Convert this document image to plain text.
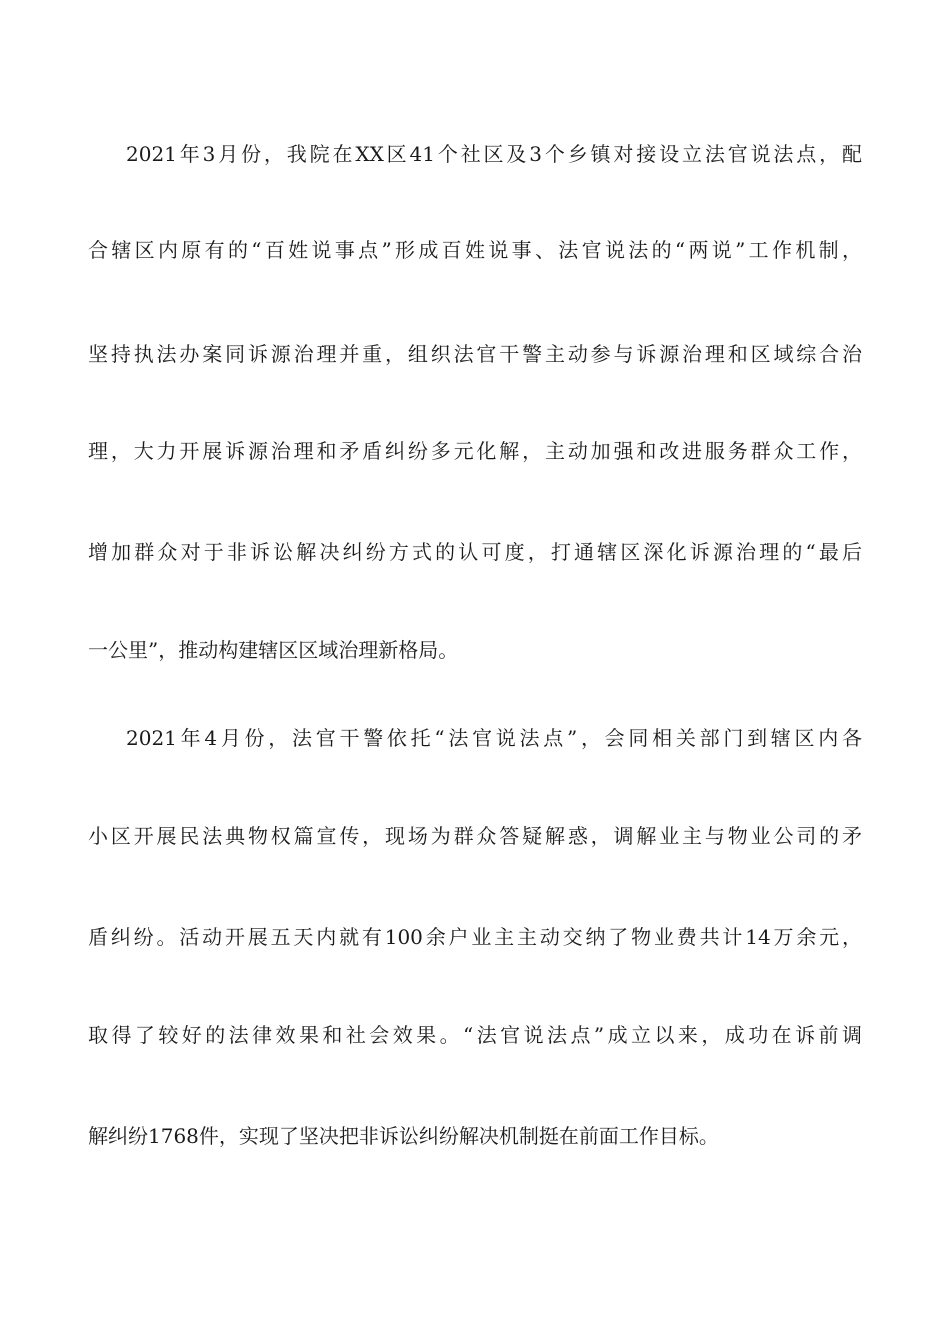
2021年3月份，我院在XX区41个社区及3个乡镇对接设立法官说法点，配
合辖区内原有的“百姓说事点”形成百姓说事、法官说法的“两说”工作机制，
坚持执法办案同诉源治理并重，组织法官干警主动参与诉源治理和区域综合治
理，大力开展诉源治理和矛盾纠纷多元化解，主动加强和改进服务群众工作，
增加群众对于非诉讼解决纠纷方式的认可度，打通辖区深化诉源治理的“最后
一公里”，推动构建辖区区域治理新格局。
2021年4月份，法官干警依托“法官说法点”，会同相关部门到辖区内各
小区开展民法典物权篇宣传，现场为群众答疑解惑，调解业主与物业公司的矛
盾纠纷。活动开展五天内就有100余户业主主动交纳了物业费共计14万余元，
取得了较好的法律效果和社会效果。“法官说法点”成立以来，成功在诉前调
解纠纷1768件，实现了坚决把非诉讼纠纷解决机制挺在前面工作目标。
